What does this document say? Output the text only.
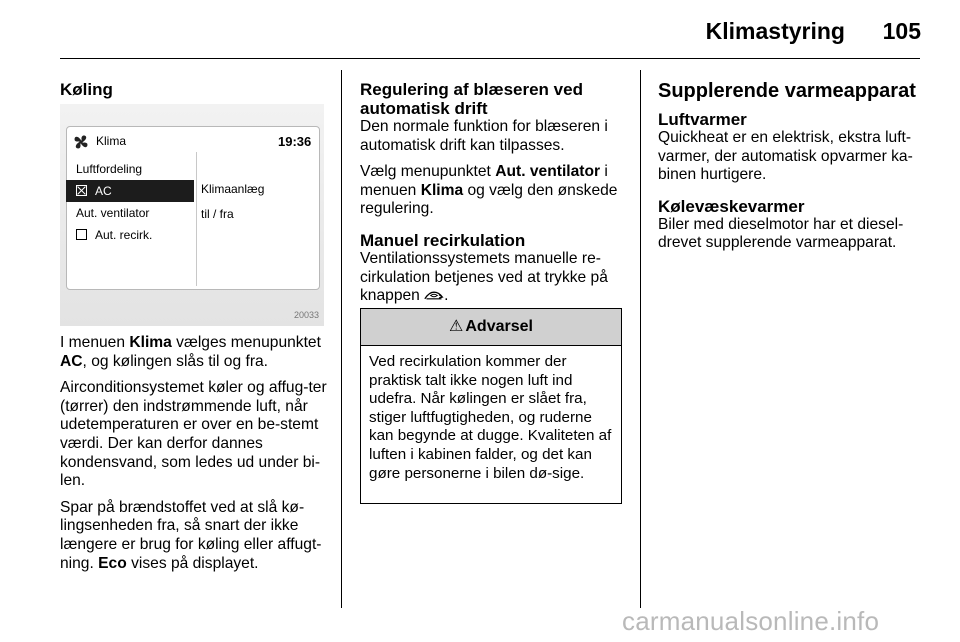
Klimastyring	105
Køling
Klima	19:36
Luftfordeling
AC
Aut. ventilator
Aut. recirk.
Klimaanlæg
til / fra
20033

I menuen Klima vælges menupunktet AC, og kølingen slås til og fra.

Airconditionsystemet køler og affug-ter (tørrer) den indstrømmende luft, når udetemperaturen er over en be-stemt værdi. Der kan derfor dannes kondensvand, som ledes ud under bi-len.

Spar på brændstoffet ved at slå kø-lingsenheden fra, så snart der ikke længere er brug for køling eller affugt-ning. Eco vises på displayet.

Regulering af blæseren ved automatisk drift

Den normale funktion for blæseren i automatisk drift kan tilpasses.

Vælg menupunktet Aut. ventilator i menuen Klima og vælg den ønskede regulering.

Manuel recirkulation

Ventilationssystemets manuelle re-cirkulation betjenes ved at trykke på knappen .

⚠ Advarsel
Ved recirkulation kommer der praktisk talt ikke nogen luft ind udefra. Når kølingen er slået fra, stiger luftfugtigheden, og ruderne kan begynde at dugge. Kvaliteten af luften i kabinen falder, og det kan gøre personerne i bilen dø-sige.
Supplerende varmeapparat
Luftvarmer

Quickheat er en elektrisk, ekstra luft-varmer, der automatisk opvarmer ka-binen hurtigere.

Kølevæskevarmer

Biler med dieselmotor har et diesel-drevet supplerende varmeapparat.

carmanualsonline.info
